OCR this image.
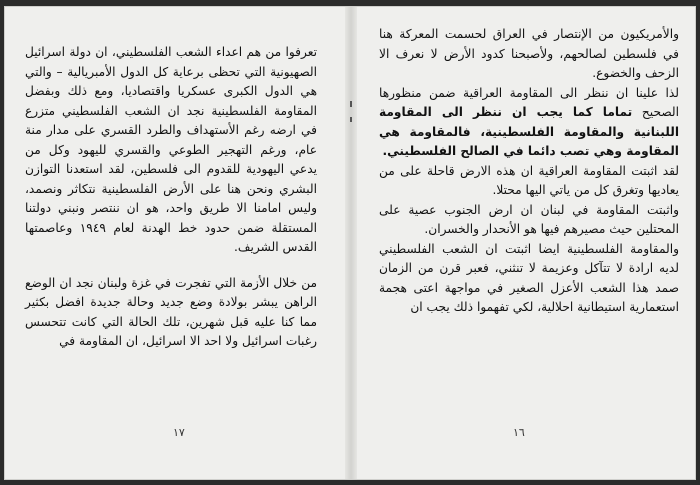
تعرفوا من هم اعداء الشعب الفلسطيني، ان دولة اسرائيل الصهيونية التي تحظى برعاية كل الدول الأمبريالية – والتي هي الدول الكبرى عسكريا واقتصاديا، ومع ذلك وبفضل المقاومة الفلسطينية نجد ان الشعب الفلسطيني متزرع في ارضه رغم الأستهداف والطرد القسري على مدار منة عام، ورغم التهجير الطوعي والقسري لليهود وكل من يدعي اليهودية للقدوم الى فلسطين، لقد استعدنا التوازن البشري ونحن هنا على الأرض الفلسطينية نتكاثر ونصمد، وليس امامنا الا طريق واحد، هو ان ننتصر ونبني دولتنا المستقلة ضمن حدود خط الهدنة لعام ١٩٤٩ وعاصمتها القدس الشريف.

من خلال الأزمة التي تفجرت في غزة ولبنان نجد ان الوضع الراهن يبشر بولادة وضع جديد وحالة جديدة افضل بكثير مما كنا عليه قبل شهرين، تلك الحالة التي كانت تتحسس رغبات اسرائيل ولا احد الا اسرائيل، ان المقاومة في

١٧

والأمريكيون من الإنتصار في العراق لحسمت المعركة هنا في فلسطين لصالحهم، ولأصبحنا كدود الأرض لا نعرف الا الزحف والخضوع.

لذا علينا ان ننظر الى المقاومة العراقية ضمن منظورها الصحيح تماما كما يجب ان ننظر الى المقاومة اللبنانية والمقاومة الفلسطينية، فالمقاومة هي المقاومة وهي تصب دائما في الصالح الفلسطيني.

لقد اثبتت المقاومة العراقية ان هذه الارض قاحلة على من يعاديها وتغرق كل من ياتي اليها محتلا.

واثبتت المقاومة في لبنان ان ارض الجنوب عصية على المحتلين حيث مصيرهم فيها هو الأنحدار والخسران.

والمقاومة الفلسطينية ايضا اثبتت ان الشعب الفلسطيني لديه ارادة لا تتآكل وعزيمة لا تنثني، فعبر قرن من الزمان صمد هذا الشعب الأعزل الصغير في مواجهة اعتى هجمة استعمارية استيطانية احلالية، لكي تفهموا ذلك يجب ان

١٦
